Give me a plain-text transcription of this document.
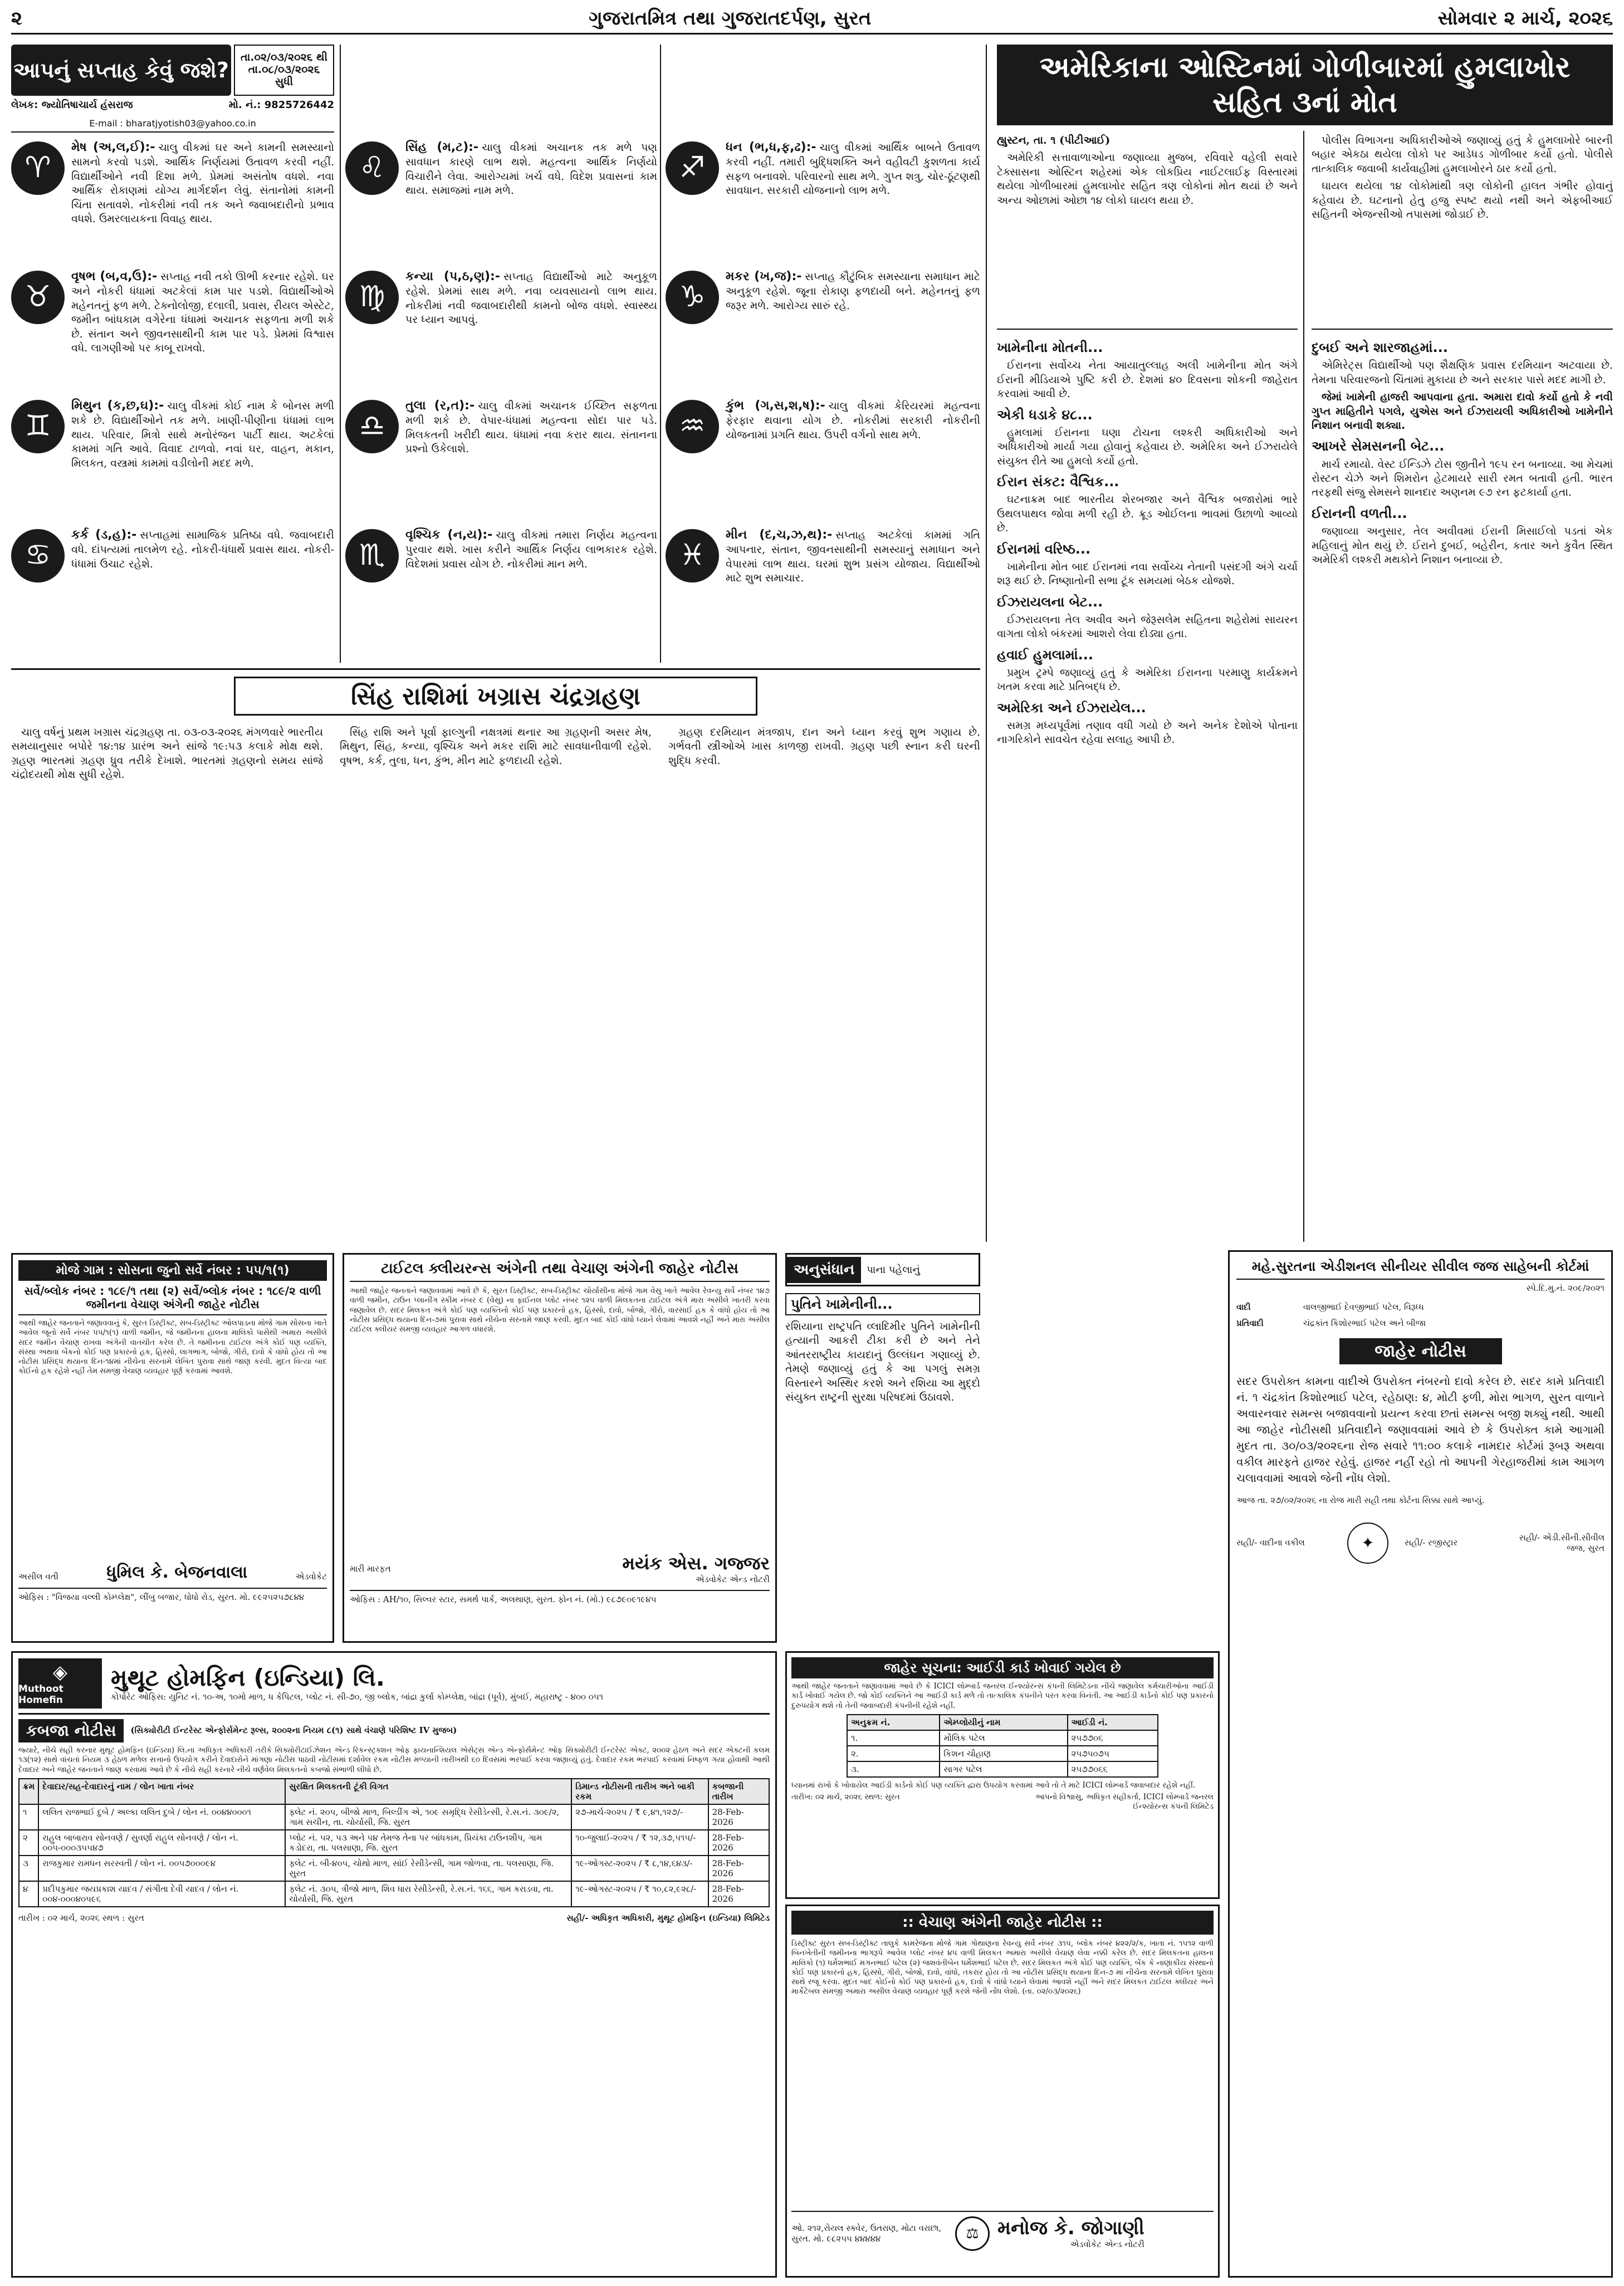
૨	ગુજરાતમિત્ર તથા ગુજરાતદર્પણ, સુરત	સોમવાર ૨ માર્ચ, ૨૦૨૬
આપનું સપ્તાહ કેવું જશે?
તા.૦૨/૦૩/૨૦૨૬ થી તા.૦૮/૦૩/૨૦૨૬ સુધી
લેખક: જ્યોતિષાચાર્ય હંસરાજ	મો. નં.: 9825726442
E-mail : bharatjyotish03@yahoo.co.in
♈
મેષ (અ,લ,ઈ):- ચાલુ વીકમાં ઘર અને કામની સમસ્યાનો સામનો કરવો પડશે. આર્થિક નિર્ણયમાં ઉતાવળ કરવી નહીં. વિદ્યાર્થીઓને નવી દિશા મળે. પ્રેમમાં અસંતોષ વધશે. નવા આર્થિક રોકાણમાં યોગ્ય માર્ગદર્શન લેવું. સંતાનોમાં કામની ચિંતા સતાવશે. નોકરીમાં નવી તક અને જવાબદારીનો પ્રભાવ વધશે. ઉમરલાયકના વિવાહ થાય.
♉
વૃષભ (બ,વ,ઉ):- સપ્તાહ નવી તકો ઊભી કરનાર રહેશે. ઘર અને નોકરી ધંધામાં અટકેલાં કામ પાર પડશે. વિદ્યાર્થીઓએ મહેનતનું ફળ મળે. ટેક્નોલોજી, દલાલી, પ્રવાસ, રીયલ એસ્ટેટ, જમીન બાંધકામ વગેરેના ધંધામાં અચાનક સફળતા મળી શકે છે. સંતાન અને જીવનસાથીની કામ પાર પડે. પ્રેમમાં વિશ્વાસ વધે. લાગણીઓ પર કાબૂ રાખવો.
♊
મિથુન (ક,છ,ઘ):- ચાલુ વીકમાં કોઈ નામ કે બોનસ મળી શકે છે. વિદ્યાર્થીઓને તક મળે. ખાણી-પીણીના ધંધામાં લાભ થાય. પરિવાર, મિત્રો સાથે મનોરંજન પાર્ટી થાય. અટકેલાં કામમાં ગતિ આવે. વિવાદ ટાળવો. નવાં ઘર, વાહન, મકાન, મિલકત, વસ્ત્રમાં કામમાં વડીલોની મદદ મળે.
♋
કર્ક (ડ,હ):- સપ્તાહમાં સામાજિક પ્રતિષ્ઠા વધે. જવાબદારી વધે. દાંપત્યમાં તાલમેળ રહે. નોકરી-ધંધાર્થે પ્રવાસ થાય. નોકરી-ધંધામાં ઉચાટ રહેશે.
♌
સિંહ (મ,ટ):- ચાલુ વીકમાં અચાનક તક મળે પણ સાવધાન કારણે લાભ થશે. મહત્વના આર્થિક નિર્ણયો વિચારીને લેવા. આરોગ્યમાં ખર્ચ વધે. વિદેશ પ્રવાસનાં કામ થાય. સમાજમાં નામ મળે.
♍
કન્યા (પ,ઠ,ણ):- સપ્તાહ વિદ્યાર્થીઓ માટે અનુકૂળ રહેશે. પ્રેમમાં સાથ મળે. નવા વ્યવસાયનો લાભ થાય. નોકરીમાં નવી જવાબદારીથી કામનો બોજ વધશે. સ્વાસ્થ્ય પર ધ્યાન આપવું.
♎
તુલા (ર,ત):- ચાલુ વીકમાં અચાનક ઈચ્છિત સફળતા મળી શકે છે. વેપાર-ધંધામાં મહત્વના સોદા પાર પડે. મિલકતની ખરીદી થાય. ધંધામાં નવા કરાર થાય. સંતાનના પ્રશ્નો ઉકેલાશે.
♏
વૃશ્ચિક (ન,ય):- ચાલુ વીકમાં તમારા નિર્ણય મહત્વના પુરવાર થશે. ખાસ કરીને આર્થિક નિર્ણય લાભકારક રહેશે. વિદેશમાં પ્રવાસ યોગ છે. નોકરીમાં માન મળે.
♐
ધન (ભ,ધ,ફ,ઢ):- ચાલુ વીકમાં આર્થિક બાબતે ઉતાવળ કરવી નહીં. તમારી બુદ્ધિશક્તિ અને વહીવટી કુશળતા કાર્ય સફળ બનાવશે. પરિવારનો સાથ મળે. ગુપ્ત શત્રુ, ચોર-ઠૂંટણથી સાવધાન. સરકારી યોજનાનો લાભ મળે.
♑
મકર (ખ,જ):- સપ્તાહ કૌટુંબિક સમસ્યાના સમાધાન માટે અનુકૂળ રહેશે. જૂના રોકાણ ફળદાયી બને. મહેનતનું ફળ જરૂર મળે. આરોગ્ય સારું રહે.
♒
કુંભ (ગ,સ,શ,ષ):- ચાલુ વીકમાં કેરિયરમાં મહત્વના ફેરફાર થવાના યોગ છે. નોકરીમાં સરકારી નોકરીની યોજનામાં પ્રગતિ થાય. ઉપરી વર્ગનો સાથ મળે.
♓
મીન (દ,ચ,ઝ,થ):- સપ્તાહ અટકેલાં કામમાં ગતિ આપનાર, સંતાન, જીવનસાથીની સમસ્યાનું સમાધાન અને વેપારમાં લાભ થાય. ઘરમાં શુભ પ્રસંગ યોજાય. વિદ્યાર્થીઓ માટે શુભ સમાચાર.
સિંહ રાશિમાં ખગ્રાસ ચંદ્રગ્રહણ

ચાલુ વર્ષનું પ્રથમ ખગ્રાસ ચંદ્રગ્રહણ તા. ૦૩-૦૩-૨૦૨૬ મંગળવારે ભારતીય સમયાનુસાર બપોરે ૧૪:૧૪ પ્રારંભ અને સાંજે ૧૯:૫૩ કલાકે મોક્ષ થશે. ગ્રહણ ભારતમાં ગ્રહણ ધ્રુવ તરીકે દેખાશે. ભારતમાં ગ્રહણનો સમય સાંજે ચંદ્રોદયથી મોક્ષ સુધી રહેશે.

સિંહ રાશિ અને પૂર્વા ફાલ્ગુની નક્ષત્રમાં થનાર આ ગ્રહણની અસર મેષ, મિથુન, સિંહ, કન્યા, વૃશ્ચિક અને મકર રાશિ માટે સાવધાનીવાળી રહેશે. વૃષભ, કર્ક, તુલા, ધન, કુંભ, મીન માટે ફળદાયી રહેશે.

ગ્રહણ દરમિયાન મંત્રજાપ, દાન અને ધ્યાન કરવું શુભ ગણાય છે. ગર્ભવતી સ્ત્રીઓએ ખાસ કાળજી રાખવી. ગ્રહણ પછી સ્નાન કરી ઘરની શુદ્ધિ કરવી.

અમેરિકાના ઓસ્ટિનમાં ગોળીબારમાં હુમલાખોર સહિત ૩નાં મોત

હ્યુસ્ટન, તા. ૧ (પીટીઆઈ)

અમેરિકી સત્તાવાળાઓના જણાવ્યા મુજબ, રવિવારે વહેલી સવારે ટેક્સાસના ઓસ્ટિન શહેરમાં એક લોકપ્રિય નાઈટલાઈફ વિસ્તારમાં થયેલા ગોળીબારમાં હુમલાખોર સહિત ત્રણ લોકોનાં મોત થયાં છે અને અન્ય ઓછામાં ઓછા ૧૪ લોકો ઘાયલ થયા છે.

પોલીસ વિભાગના અધિકારીઓએ જણાવ્યું હતું કે હુમલાખોરે બારની બહાર એકઠા થયેલા લોકો પર આડેધડ ગોળીબાર કર્યો હતો. પોલીસે તાત્કાલિક જવાબી કાર્યવાહીમાં હુમલાખોરને ઠાર કર્યો હતો.

ઘાયલ થયેલા ૧૪ લોકોમાંથી ત્રણ લોકોની હાલત ગંભીર હોવાનું કહેવાય છે. ઘટનાનો હેતુ હજુ સ્પષ્ટ થયો નથી અને એફબીઆઈ સહિતની એજન્સીઓ તપાસમાં જોડાઈ છે.

ખામેનીના મોતની...

ઈરાનના સર્વોચ્ચ નેતા આયાતુલ્લાહ અલી ખામેનીના મોત અંગે ઈરાની મીડિયાએ પુષ્ટિ કરી છે. દેશમાં ૪૦ દિવસના શોકની જાહેરાત કરવામાં આવી છે.

એકી ધડાકે ૪૮...

હુમલામાં ઈરાનના ઘણા ટોચના લશ્કરી અધિકારીઓ અને અધિકારીઓ માર્યા ગયા હોવાનું કહેવાય છે. અમેરિકા અને ઈઝરાયેલે સંયુક્ત રીતે આ હુમલો કર્યો હતો.

ઈરાન સંકટ: વૈશ્વિક...

ઘટનાક્રમ બાદ ભારતીય શેરબજાર અને વૈશ્વિક બજારોમાં ભારે ઉથલપાથલ જોવા મળી રહી છે. ક્રૂડ ઓઈલના ભાવમાં ઉછાળો આવ્યો છે.

ઈરાનમાં વરિષ્ઠ...

ખામેનીના મોત બાદ ઈરાનમાં નવા સર્વોચ્ચ નેતાની પસંદગી અંગે ચર્ચા શરૂ થઈ છે. નિષ્ણાતોની સભા ટૂંક સમયમાં બેઠક યોજશે.

ઈઝરાયલના બેટ...

ઈઝરાયલના તેલ અવીવ અને જેરૂસલેમ સહિતના શહેરોમાં સાયરન વાગતા લોકો બંકરમાં આશરો લેવા દોડ્યા હતા.

હવાઈ હુમલામાં...

પ્રમુખ ટ્રમ્પે જણાવ્યું હતું કે અમેરિકા ઈરાનના પરમાણુ કાર્યક્રમને ખતમ કરવા માટે પ્રતિબદ્ધ છે.

અમેરિકા અને ઈઝરાયેલ...

સમગ્ર મધ્યપૂર્વમાં તણાવ વધી ગયો છે અને અનેક દેશોએ પોતાના નાગરિકોને સાવચેત રહેવા સલાહ આપી છે.

દુબઈ અને શારજાહમાં...

એમિરેટ્સ વિદ્યાર્થીઓ પણ શૈક્ષણિક પ્રવાસ દરમિયાન અટવાયા છે. તેમના પરિવારજનો ચિંતામાં મુકાયા છે અને સરકાર પાસે મદદ માગી છે.

જેમાં ખામેની હાજરી આપવાના હતા. અમારા દાવો કર્યો હતો કે નવી ગુપ્ત માહિતીને પગલે, યુએસ અને ઈઝરાયલી અધિકારીઓ ખામેનીને નિશાન બનાવી શક્યા.

આખરે સેમસનની બેટ...

માર્ચ રમાયો. વેસ્ટ ઈન્ડિઝે ટોસ જીતીને ૧૯૫ રન બનાવ્યા. આ મેચમાં રોસ્ટન ચેઝે અને શિમરોન હેટમાયરે સારી રમત બતાવી હતી. ભારત તરફથી સંજુ સેમસને શાનદાર અણનમ ૯૭ રન ફટકાર્યા હતા.

ઈરાનની વળતી...

જણાવ્યા અનુસાર, તેલ અવીવમાં ઈરાની મિસાઈલો પડતાં એક મહિલાનું મોત થયું છે. ઈરાને દુબઈ, બહેરીન, કતાર અને કુવૈત સ્થિત અમેરિકી લશ્કરી મથકોને નિશાન બનાવ્યા છે.

મોજે ગામ : સોસના જુનો સર્વે નંબર : ૫૫/૧(૧)
સર્વે/બ્લોક નંબર : ૧૮૯/૧ તથા (૨) સર્વે/બ્લોક નંબર : ૧૮૯/૨ વાળી જમીનના વેચાણ અંગેની જાહેર નોટીસ
આથી જાહેર જનતાને જણાવવાનું કે, સુરત ડિસ્ટ્રીક્ટ, સબ-ડિસ્ટ્રીક્ટ ઓલપાડના મોજે ગામ સોસના ખાતે આવેલ જૂનો સર્વે નંબર ૫૫/૧(૧) વાળી જમીન, જે જમીનના હાલના માલિકો પાસેથી અમારા અસીલે સદર જમીન વેચાણ રાખવા અંગેની વાતચીત કરેલ છે. તે જમીનના ટાઈટલ અંગે કોઈ પણ વ્યક્તિ, સંસ્થા અથવા બેંકનો કોઈ પણ પ્રકારનો હક, હિસ્સો, લાગભાગ, બોજો, ગીરો, દાવો કે વાંધો હોય તો આ નોટીસ પ્રસિદ્ધ થયાના દિન-૧૪માં નીચેના સરનામે લેખિત પુરાવા સાથે જાણ કરવી. મુદત વિત્યા બાદ કોઈનો હક રહેશે નહીં તેમ સમજી વેચાણ વ્યવહાર પૂર્ણ કરવામાં આવશે.
અસીલ વતી	ધુમિલ કે. બેજનવાલા	એડવોકેટ
ઓફિસ : "વિજયા વલ્લી કોમ્પ્લેક્ષ", લીંબુ બજાર, ધોધો રોડ, સુરત. મો. ૯૯૨૫૨૫૭૮૪૪
ટાઈટલ ક્લીયરન્સ અંગેની તથા વેચાણ અંગેની જાહેર નોટીસ
આથી જાહેર જનતાને જણાવવામાં આવે છે કે, સુરત ડિસ્ટ્રીક્ટ, સબ-ડિસ્ટ્રીક્ટ ચોર્યાસીના મોજે ગામ વેસુ ખાતે આવેલ રેવન્યુ સર્વે નંબર ૧૪૭ વાળી જમીન, ટાઉન પ્લાનીંગ સ્કીમ નંબર ૯ (વેસુ) ના ફાઈનલ પ્લોટ નંબર ૧૨૫ વાળી મિલકતના ટાઈટલ અંગે મારા અસીલે ખાતરી કરવા જણાવેલ છે. સદર મિલકત અંગે કોઈ પણ વ્યક્તિનો કોઈ પણ પ્રકારનો હક, હિસ્સો, દાવો, બોજો, ગીરો, વારસાઈ હક કે વાંધો હોય તો આ નોટીસ પ્રસિદ્ધ થયાના દિન-૭માં પુરાવા સાથે નીચેના સરનામે જાણ કરવી. મુદત બાદ કોઈ વાંધો ધ્યાને લેવામાં આવશે નહીં અને મારા અસીલ ટાઈટલ ક્લીયર સમજી વ્યવહાર આગળ વધારશે.
મારી મારફત	મયંક એસ. ગજ્જર
એડવોકેટ એન્ડ નોટરી
ઓફિસ : AH/૧૦, સિલ્વર સ્ટાર, સમર્થ પાર્ક, અલથાણ, સુરત. ફોન નં. (મો.) ૯૮૭૯૦૯૧૯૪૫
અનુસંધાન	પાના પહેલાનું
પુતિને ખામેનીની...
રશિયાના રાષ્ટ્રપતિ વ્લાદિમીર પુતિને ખામેનીની હત્યાની આકરી ટીકા કરી છે અને તેને આંતરરાષ્ટ્રીય કાયદાનું ઉલ્લંઘન ગણાવ્યું છે. તેમણે જણાવ્યું હતું કે આ પગલું સમગ્ર વિસ્તારને અસ્થિર કરશે અને રશિયા આ મુદ્દો સંયુક્ત રાષ્ટ્રની સુરક્ષા પરિષદમાં ઉઠાવશે.
જાહેર સૂચના: આઈડી કાર્ડ ખોવાઈ ગયેલ છે
આથી જાહેર જનતાને જણાવવામાં આવે છે કે ICICI લોમ્બાર્ડ જનરલ ઈન્શ્યોરન્સ કંપની લિમિટેડના નીચે જણાવેલ કર્મચારીઓના આઈડી કાર્ડ ખોવાઈ ગયેલ છે. જો કોઈ વ્યક્તિને આ આઈડી કાર્ડ મળે તો તાત્કાલિક કંપનીને પરત કરવા વિનંતી. આ આઈડી કાર્ડનો કોઈ પણ પ્રકારનો દુરુપયોગ થશે તો તેની જવાબદારી કંપનીની રહેશે નહીં.
અનુક્રમ નં.	એમ્પ્લોયીનું નામ	આઈડી નં.
૧.	મૌલિક પટેલ	૨૫૭૭૦૬
૨.	કિશન ચૌહાણ	૨૫૭૫૦૭૫
૩.	સાગર પટેલ	૨૫૭૭૦૬૬
ધ્યાનમાં રાખો કે ખોવાયેલ આઈડી કાર્ડનો કોઈ પણ વ્યક્તિ દ્વારા ઉપયોગ કરવામાં આવે તો તે માટે ICICI લોમ્બાર્ડ જવાબદાર રહેશે નહીં.
તારીખ: ૦૨ માર્ચ, ૨૦૨૬ સ્થળ: સુરત	આપનો વિશ્વાસુ, અધિકૃત સહીકર્તા, ICICI લોમ્બાર્ડ જનરલ ઈન્શ્યોરન્સ કંપની લિમિટેડ
:: વેચાણ અંગેની જાહેર નોટીસ ::
ડિસ્ટ્રીક્ટ સુરત સબ-ડિસ્ટ્રીક્ટ તાલુકે કામરેજના મોજે ગામ ગોથાણના રેવન્યુ સર્વે નંબર ૩૧૫, બ્લોક નંબર ૪૨૨/૨/ક, ખાતા નં. ૧૫૧૨ વાળી બિનખેતીની જમીનના ભાગરૂપે આવેલ પ્લોટ નંબર ૪૫ વાળી મિલકત અમારા અસીલે વેચાણ લેવા નક્કી કરેલ છે. સદર મિલકતના હાલના માલિકો (૧) ધર્મેશભાઈ મગનભાઈ પટેલ (૨) જશવંતીબેન ધર્મેશભાઈ પટેલ છે. સદર મિલકત અંગે કોઈ પણ વ્યક્તિ, બેંક કે નાણાકીય સંસ્થાનો કોઈ પણ પ્રકારનો હક, હિસ્સો, ગીરો, બોજો, દાવો, વાંધો, તકરાર હોય તો આ નોટીસ પ્રસિદ્ધ થયાના દિન-૭ માં નીચેના સરનામે લેખિત પુરાવા સાથે રજૂ કરવા. મુદત બાદ કોઈનો કોઈ પણ પ્રકારનો હક, દાવો કે વાંધો ધ્યાને લેવામાં આવશે નહીં અને સદર મિલકત ટાઈટલ ક્લીયર અને માર્કેટેબલ સમજી અમારા અસીલ વેચાણ વ્યવહાર પૂર્ણ કરશે જેની નોંધ લેશો. (તા. ૦૨/૦૩/૨૦૨૬)
ઓ. ૨૧૨,રોયલ સ્ક્વેર, ઉતરાણ, મોટા વરાછા, સુરત. મો. ૯૮૨૫૫ ૪૪૪૪૪	⚖ મનોજ કે. જોગાણી
એડવોકેટ એન્ડ નોટરી
◈
Muthoot Homefin
મુથૂટ હોમફિન (ઇન્ડિયા) લિ.
કોર્પોરેટ ઓફિસ: યુનિટ નં. ૧૦-અ, ૧૦મો માળ, ધ કેપિટલ, પ્લોટ નં. સી-૭૦, જી બ્લોક, બાંદ્રા કુર્લા કોમ્પ્લેક્ષ, બાંદ્રા (પૂર્વ), મુંબઈ, મહારાષ્ટ્ર - ૪૦૦ ૦૫૧
કબજા નોટીસ	(સિક્યોરીટી ઈન્ટરેસ્ટ એન્ફોર્સમેન્ટ રૂલ્સ, ૨૦૦૨ના નિયમ ૮(૧) સાથે વંચાણે પરિશિષ્ટ IV મુજબ)
જ્યારે, નીચે સહી કરનાર મુથૂટ હોમફિન (ઇન્ડિયા) લિ.ના અધિકૃત અધિકારી તરીકે સિક્યોરીટાઈઝેશન એન્ડ રિકન્સ્ટ્રક્શન ઓફ ફાયનાન્શિયલ એસેટ્સ એન્ડ એન્ફોર્સમેન્ટ ઓફ સિક્યોરીટી ઈન્ટરેસ્ટ એક્ટ, ૨૦૦૨ હેઠળ અને સદર એક્ટની કલમ ૧૩(૧૨) સાથે વાંચતાં નિયમ ૩ હેઠળ મળેલ સત્તાનો ઉપયોગ કરીને દેવાદારોને માંગણા નોટીસ પાઠવી નોટીસમાં દર્શાવેલ રકમ નોટીસ મળ્યાની તારીખથી ૬૦ દિવસમાં ભરપાઈ કરવા જણાવ્યું હતું. દેવાદાર રકમ ભરપાઈ કરવામાં નિષ્ફળ ગયા હોવાથી આથી દેવાદાર અને જાહેર જનતાને જાણ કરવામાં આવે છે કે નીચે સહી કરનારે નીચે વર્ણવેલ મિલકતનો કબજો સંભાળી લીધો છે.
ક્રમ	દેવાદાર/સહ-દેવાદારનું નામ / લોન ખાતા નંબર	સુરક્ષિત મિલકતની ટૂંકી વિગત	ડિમાન્ડ નોટીસની તારીખ અને બાકી રકમ	કબજાની તારીખ
૧	લલિત રાજભાઈ દુબે / અલ્કા લલિત દુબે / લોન નં. ૦૦૪૪૦૦૦૧	ફ્લેટ નં. ૨૦૫, બીજો માળ, બિલ્ડીંગ એ, ૧૦૯ સમૃદ્ધિ રેસીડેન્સી, રે.સ.નં. ૩૦૯/૨, ગામ સચીન, તા. ચોર્યાસી, જિ. સુરત	૨૭-માર્ચ-૨૦૨૫ / ₹ ૯,૪૧,૧૨૭/-	28-Feb-2026
૨	રાહુલ બાબારાવ સોનવણે / સુવર્ણા રાહુલ સોનવણે / લોન નં. ૦૦૫-૦૦૦૩૫૫૪૭	પ્લોટ નં. ૫૨, ૫૩ અને ૫૪ તેમજ તેના પર બાંધકામ, પ્રિયંકા ટાઉનશીપ, ગામ કડોદરા, તા. પલસાણા, જિ. સુરત	૧૦-જુલાઈ-૨૦૨૫ / ₹ ૧૨,૩૭,૫૧૫/-	28-Feb-2026
૩	રાજકુમાર રામધન સરસ્વતી / લોન નં. ૦૦૫૭૦૦૦૯૪	ફ્લેટ નં. બી-૪૦૫, ચોથો માળ, સાંઈ રેસીડેન્સી, ગામ જોળવા, તા. પલસાણા, જિ. સુરત	૧૯-ઓગસ્ટ-૨૦૨૫ / ₹ ૮,૧૪,૬૪૩/-	28-Feb-2026
૪	પ્રદીપકુમાર જયપ્રકાશ યાદવ / સંગીતા દેવી યાદવ / લોન નં. ૦૦૪-૦૦૦૪૦૫૯૬	ફ્લેટ નં. ૩૦૫, ત્રીજો માળ, શિવ ધારા રેસીડેન્સી, રે.સ.નં. ૧૬૬, ગામ કરાડવા, તા. ચોર્યાસી, જિ. સુરત	૧૯-ઓગસ્ટ-૨૦૨૫ / ₹ ૧૦,૮૨,૯૨૮/-	28-Feb-2026
તારીખ : ૦૨ માર્ચ, ૨૦૨૬ સ્થળ : સુરત	સહી/- અધિકૃત અધિકારી, મુથૂટ હોમફિન (ઇન્ડિયા) લિમિટેડ
મહે.સુરતના એડીશનલ સીનીયર સીવીલ જજ સાહેબની કોર્ટમાં
સ્પે.દિ.મુ.નં. ૨૦૯/૨૦૨૧
વાદી	વાલજીભાઈ દેવજીભાઈ પટેલ, વિરૂધ્ધ
પ્રતિવાદી	ચંદ્રકાંત કિશોરભાઈ પટેલ અને બીજા
જાહેર નોટીસ
સદર ઉપરોક્ત કામના વાદીએ ઉપરોક્ત નંબરનો દાવો કરેલ છે. સદર કામે પ્રતિવાદી નં. ૧ ચંદ્રકાંત કિશોરભાઈ પટેલ, રહેઠાણ: ૪, મોટી ફળી, મોરા ભાગળ, સુરત વાળાને અવારનવાર સમન્સ બજાવવાનો પ્રયત્ન કરવા છતાં સમન્સ બજી શક્યું નથી. આથી આ જાહેર નોટીસથી પ્રતિવાદીને જણાવવામાં આવે છે કે ઉપરોક્ત કામે આગામી મુદત તા. ૩૦/૦૩/૨૦૨૬ના રોજ સવારે ૧૧:૦૦ કલાકે નામદાર કોર્ટમાં રૂબરૂ અથવા વકીલ મારફતે હાજર રહેવું. હાજર નહીં રહો તો આપની ગેરહાજરીમાં કામ આગળ ચલાવવામાં આવશે જેની નોંધ લેશો.
આજ તા. ૨૭/૦૨/૨૦૨૬ ના રોજ મારી સહી તથા કોર્ટના સિક્કા સાથે આપ્યું.
સહી/- વાદીના વકીલ	✦	સહી/- રજીસ્ટ્રાર
સહી/- એડી.સીની.સીવીલ જજ, સુરત
